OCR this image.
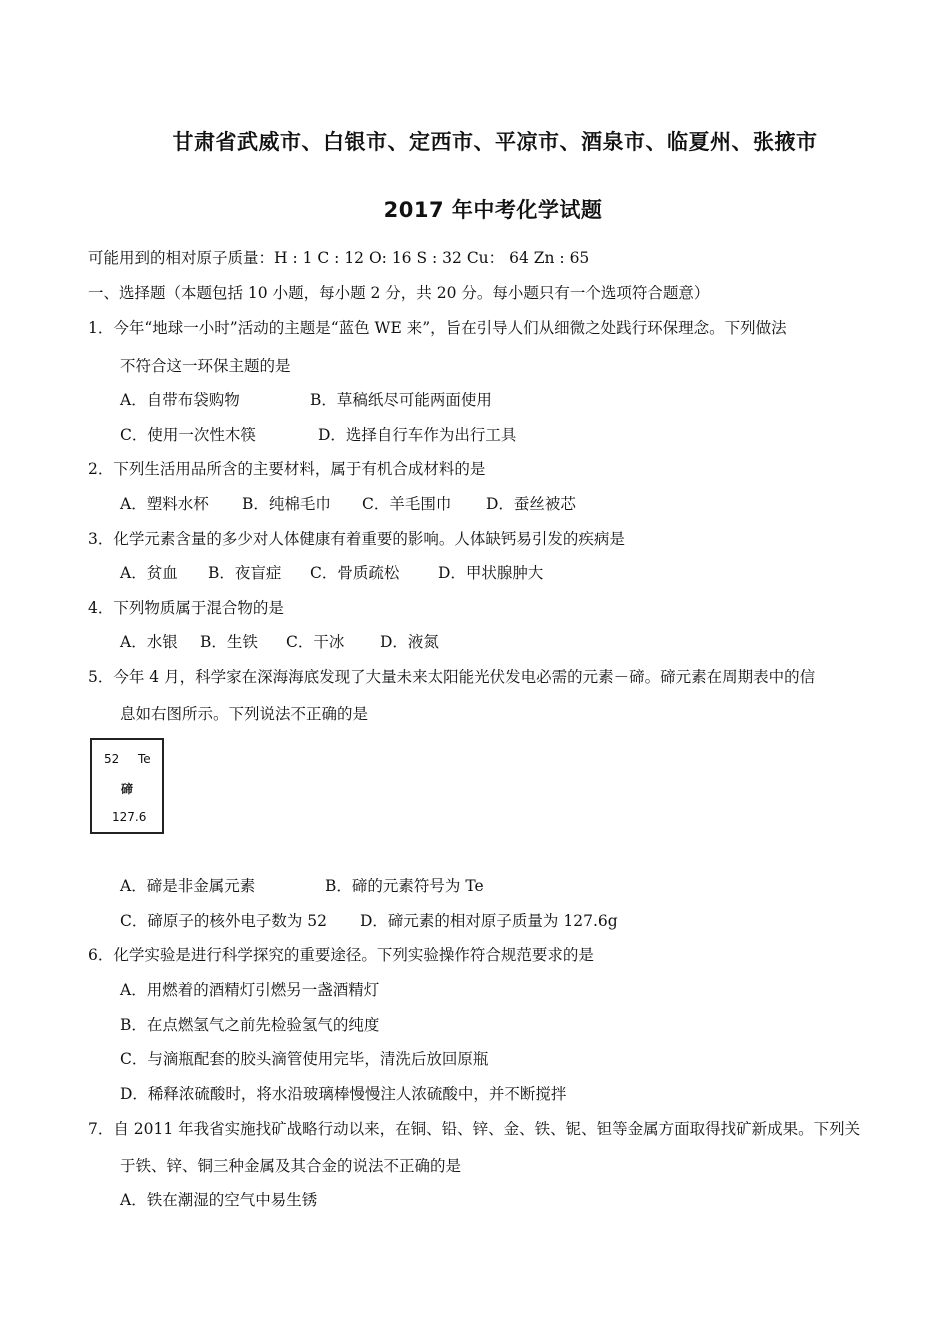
甘肃省武威市、白银市、定西市、平凉市、酒泉市、临夏州、张掖市
2017 年中考化学试题
可能用到的相对原子质量：H : 1 C : 12 O: 16 S : 32 Cu： 64 Zn : 65
一、选择题（本题包括 10 小题，每小题 2 分，共 20 分。每小题只有一个选项符合题意）
1．今年“地球一小时”活动的主题是“蓝色 WE 来”，旨在引导人们从细微之处践行环保理念。下列做法
不符合这一环保主题的是
A．自带布袋购物	B．草稿纸尽可能两面使用
C．使用一次性木筷	D．选择自行车作为出行工具
2．下列生活用品所含的主要材料，属于有机合成材料的是
A．塑料水杯 B．纯棉毛巾 C．羊毛围巾 D．蚕丝被芯
3．化学元素含量的多少对人体健康有着重要的影响。人体缺钙易引发的疾病是
A．贫血 B．夜盲症 C．骨质疏松 D．甲状腺肿大
4．下列物质属于混合物的是
A．水银 B．生铁 C．干冰 D．液氮
5．今年 4 月，科学家在深海海底发现了大量未来太阳能光伏发电必需的元素－碲。碲元素在周期表中的信
息如右图所示。下列说法不正确的是
52 Te
碲
127.6
A．碲是非金属元素	B．碲的元素符号为 Te
C．碲原子的核外电子数为 52 D．碲元素的相对原子质量为 127.6g
6．化学实验是进行科学探究的重要途径。下列实验操作符合规范要求的是
A．用燃着的酒精灯引燃另一盏酒精灯
B．在点燃氢气之前先检验氢气的纯度
C．与滴瓶配套的胶头滴管使用完毕，清洗后放回原瓶
D．稀释浓硫酸时，将水沿玻璃棒慢慢注人浓硫酸中，并不断搅拌
7．自 2011 年我省实施找矿战略行动以来，在铜、铅、锌、金、铁、铌、钽等金属方面取得找矿新成果。下列关
于铁、锌、铜三种金属及其合金的说法不正确的是
A．铁在潮湿的空气中易生锈
